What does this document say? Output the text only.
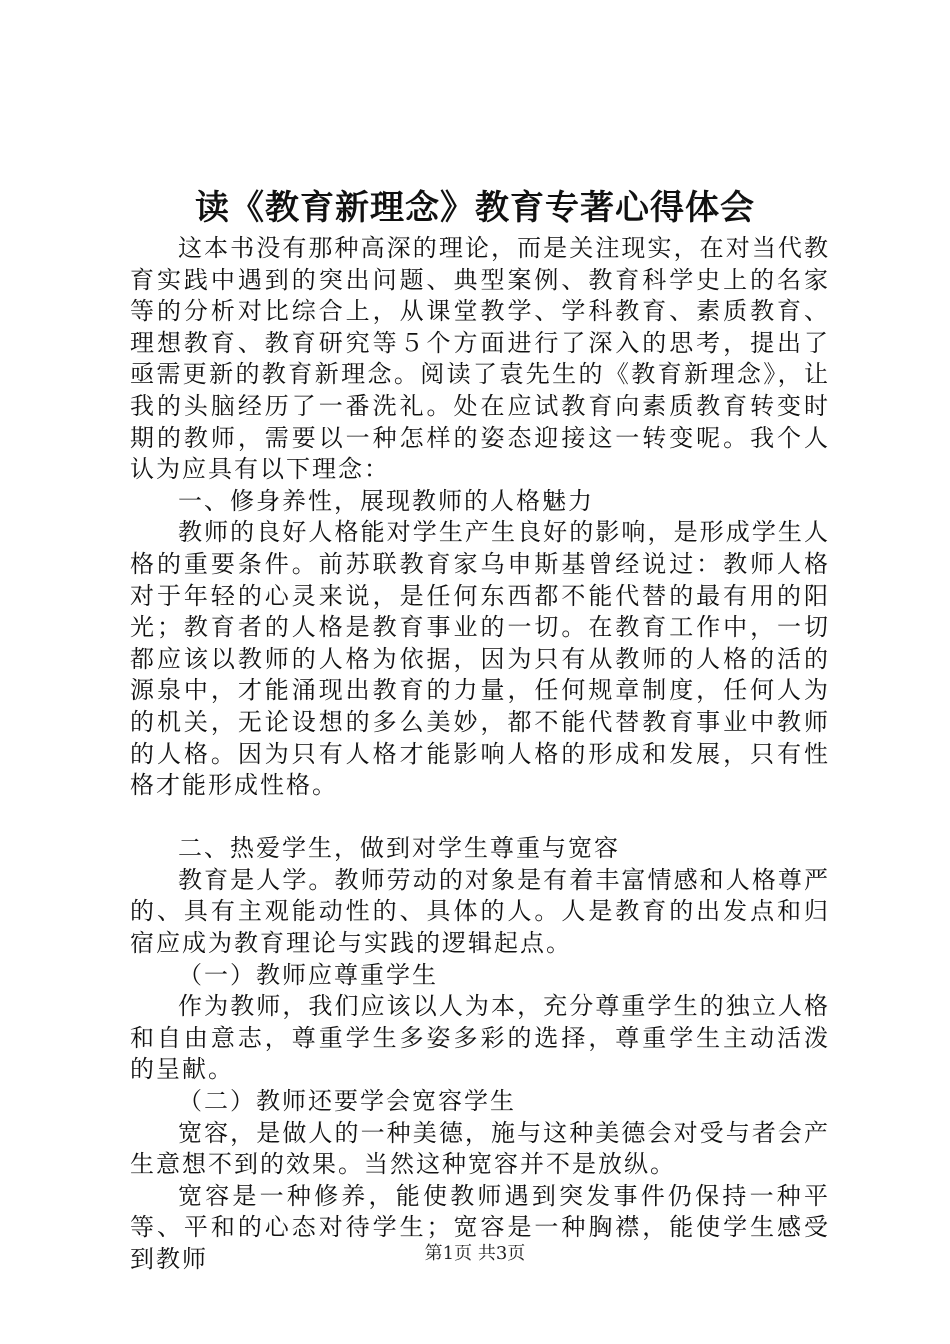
读《教育新理念》教育专著心得体会

这本书没有那种高深的理论，而是关注现实，在对当代教育实践中遇到的突出问题、典型案例、教育科学史上的名家等的分析对比综合上，从课堂教学、学科教育、素质教育、理想教育、教育研究等５个方面进行了深入的思考，提出了亟需更新的教育新理念。阅读了袁先生的《教育新理念》，让我的头脑经历了一番洗礼。处在应试教育向素质教育转变时期的教师，需要以一种怎样的姿态迎接这一转变呢。我个人认为应具有以下理念：

一、修身养性，展现教师的人格魅力

教师的良好人格能对学生产生良好的影响，是形成学生人格的重要条件。前苏联教育家乌申斯基曾经说过：教师人格对于年轻的心灵来说，是任何东西都不能代替的最有用的阳光；教育者的人格是教育事业的一切。在教育工作中，一切都应该以教师的人格为依据，因为只有从教师的人格的活的源泉中，才能涌现出教育的力量，任何规章制度，任何人为的机关，无论设想的多么美妙，都不能代替教育事业中教师的人格。因为只有人格才能影响人格的形成和发展，只有性格才能形成性格。

二、热爱学生，做到对学生尊重与宽容

教育是人学。教师劳动的对象是有着丰富情感和人格尊严的、具有主观能动性的、具体的人。人是教育的出发点和归宿应成为教育理论与实践的逻辑起点。

（一）教师应尊重学生

作为教师，我们应该以人为本，充分尊重学生的独立人格和自由意志，尊重学生多姿多彩的选择，尊重学生主动活泼的呈献。

（二）教师还要学会宽容学生

宽容，是做人的一种美德，施与这种美德会对受与者会产生意想不到的效果。当然这种宽容并不是放纵。

宽容是一种修养，能使教师遇到突发事件仍保持一种平等、平和的心态对待学生；宽容是一种胸襟，能使学生感受到教师	第1页 共3页
